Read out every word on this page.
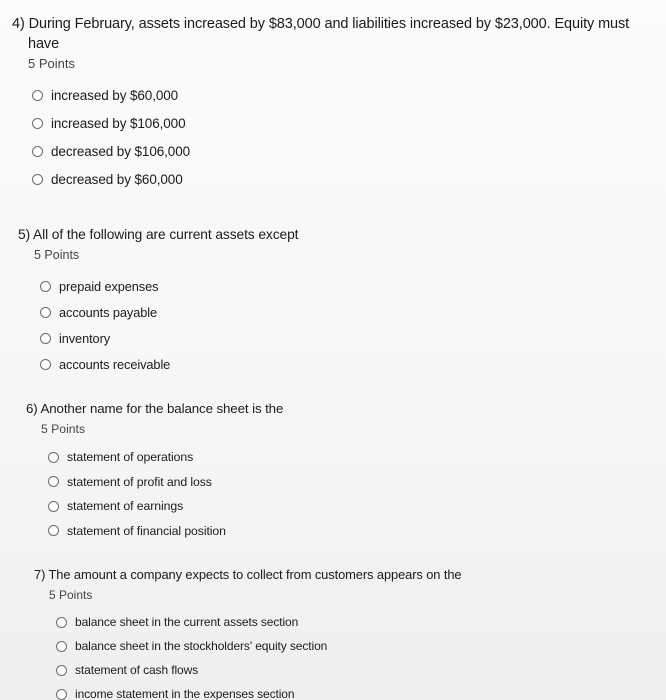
4) During February, assets increased by $83,000 and liabilities increased by $23,000. Equity must
have
5 Points
increased by $60,000
increased by $106,000
decreased by $106,000
decreased by $60,000
5) All of the following are current assets except
5 Points
prepaid expenses
accounts payable
inventory
accounts receivable
6) Another name for the balance sheet is the
5 Points
statement of operations
statement of profit and loss
statement of earnings
statement of financial position
7) The amount a company expects to collect from customers appears on the
5 Points
balance sheet in the current assets section
balance sheet in the stockholders' equity section
statement of cash flows
income statement in the expenses section
